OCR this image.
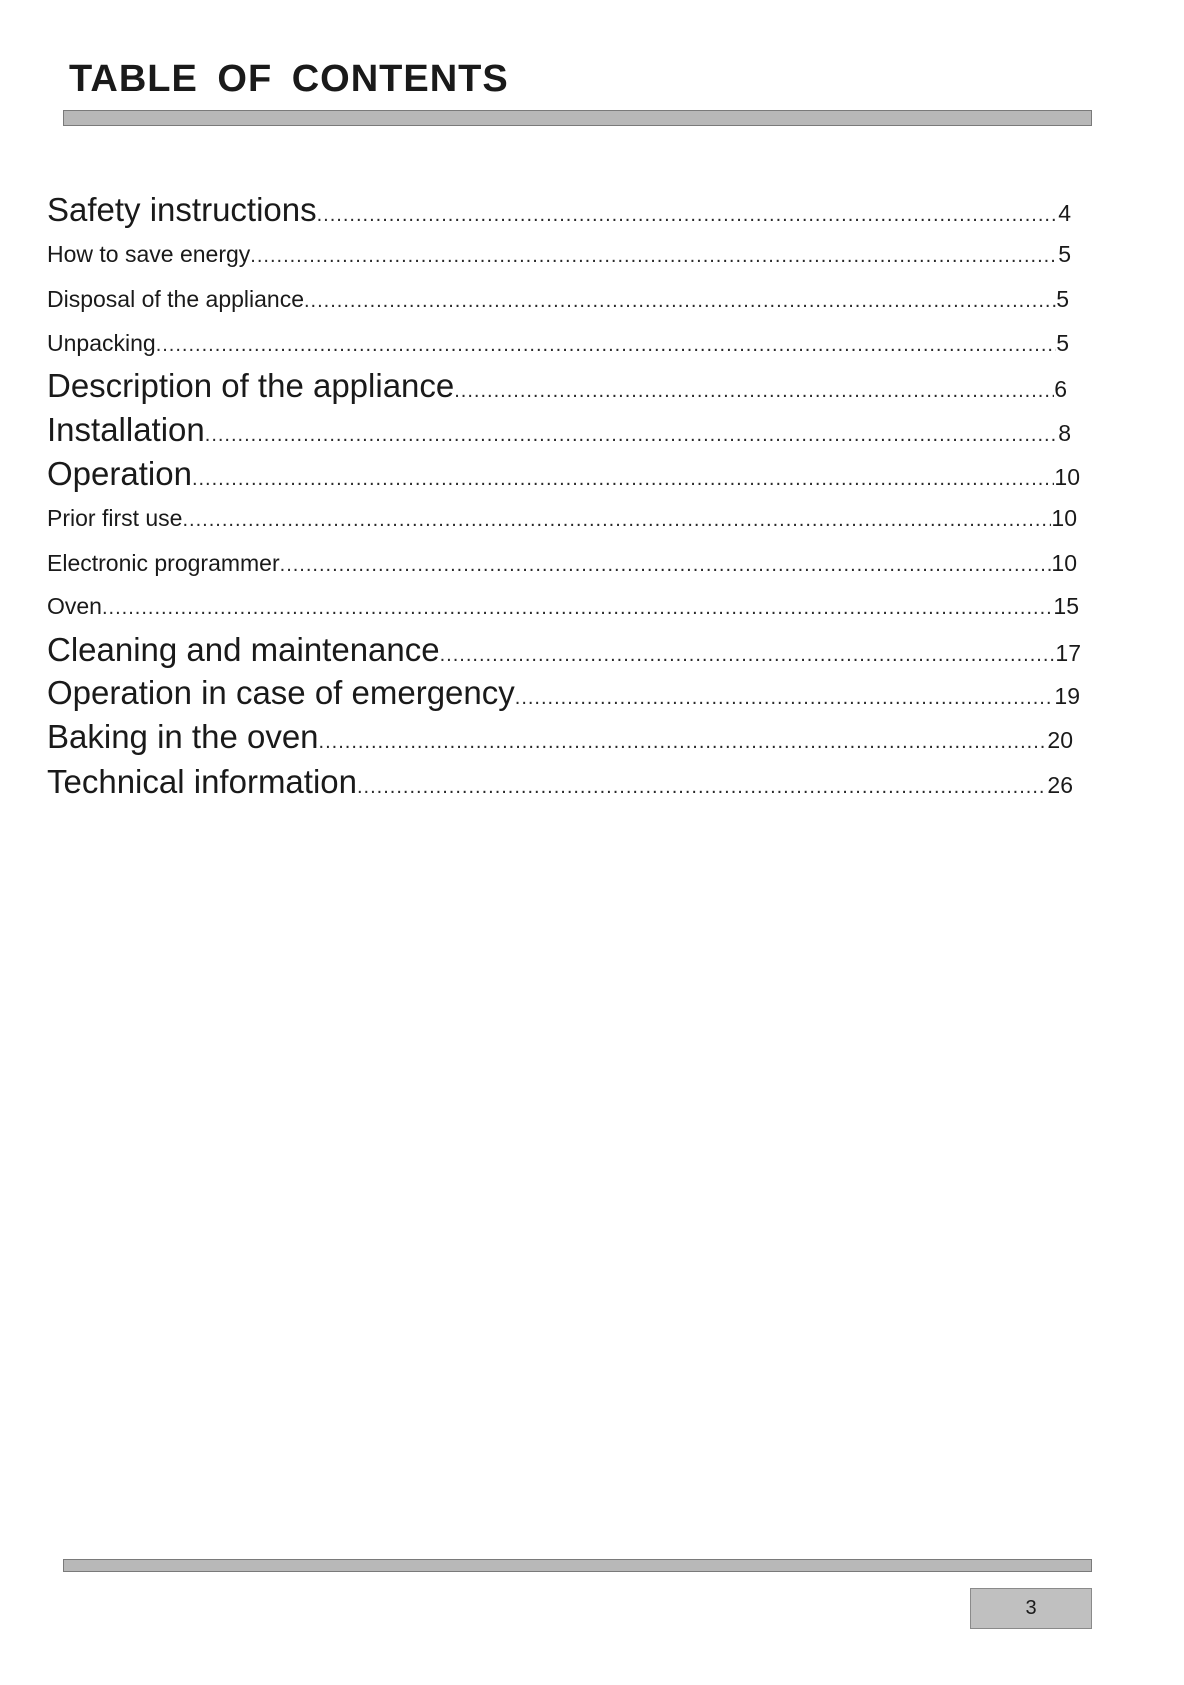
TABLE OF CONTENTS
Safety instructions .....	4
How to save energy .....	5
Disposal of the appliance .....	5
Unpacking .....	5
Description of the appliance .....	6
Installation .....	8
Operation .....	10
Prior first use .....	10
Electronic programmer .....	10
Oven .....	15
Cleaning and maintenance .....	17
Operation in case of emergency .....	19
Baking in the oven .....	20
Technical information .....	26
3
